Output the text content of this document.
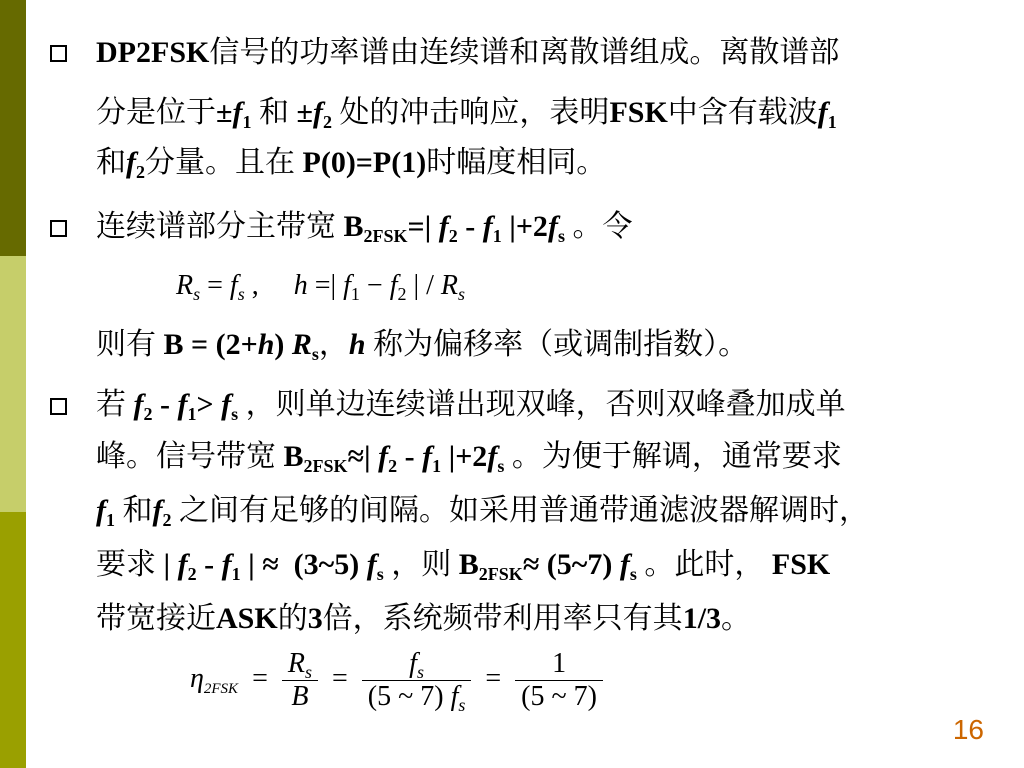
DP2FSK信号的功率谱由连续谱和离散谱组成。离散谱部
分是位于$\pm f_1$ 和 $\pm f_2$ 处的冲击响应，表明FSK中含有载波$f_1$
和$f_2$分量。且在 P(0)=P(1)时幅度相同。
连续谱部分主带宽 $B_{2FSK}=|$ $f_2 - f_1$ $|+2f_s$ 。令
$R_s = f_s$ ,     h =| $f_1 - f_2$ | / $R_s$
则有 B = (2+h) $R_s$，h 称为偏移率（或调制指数）。
若 $f_2 - f_1> f_s$ ，则单边连续谱出现双峰，否则双峰叠加成单
峰。信号带宽 $B_{2FSK}\approx|$ $f_2 - f_1$ $|+2f_s$ 。为便于解调，通常要求
$f_1$ 和$f_2$ 之间有足够的间隔。如采用普通带通滤波器解调时，
要求 | $f_2 - f_1$ | ≈  (3~5) $f_s$ ，则 $B_{2FSK}\approx$ (5~7) $f_s$ 。此时， FSK
带宽接近ASK的3倍，系统频带利用率只有其1/3。
$\eta_{2FSK} = \frac{R_s}{B} = \frac{f_s}{(5 \sim 7) f_s} = \frac{1}{(5 \sim 7)}$
16
